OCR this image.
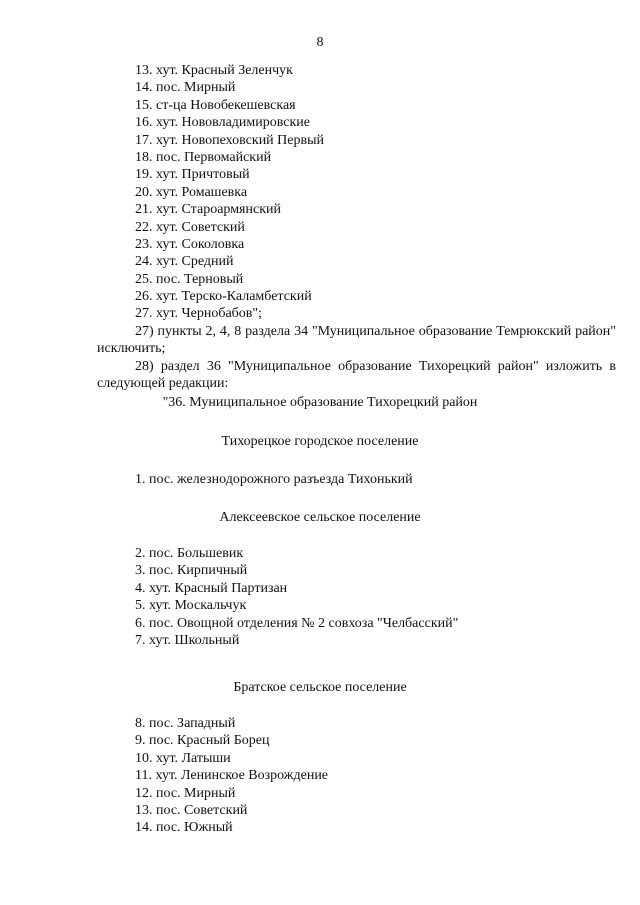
8
13. хут. Красный Зеленчук
14. пос. Мирный
15. ст-ца Новобекешевская
16. хут. Нововладимировские
17. хут. Новопеховский Первый
18. пос. Первомайский
19. хут. Причтовый
20. хут. Ромашевка
21. хут. Староармянский
22. хут. Советский
23. хут. Соколовка
24. хут. Средний
25. пос. Терновый
26. хут. Терско-Каламбетский
27. хут. Чернобабов";
27) пункты 2, 4, 8 раздела 34 "Муниципальное образование Темрюкский район" исключить;
28) раздел 36 "Муниципальное образование Тихорецкий район" изложить в следующей редакции:
"36. Муниципальное образование Тихорецкий район
Тихорецкое городское поселение
1. пос. железнодорожного разъезда Тихонький
Алексеевское сельское поселение
2. пос. Большевик
3. пос. Кирпичный
4. хут. Красный Партизан
5. хут. Москальчук
6. пос. Овощной отделения № 2 совхоза "Челбасский"
7. хут. Школьный
Братское сельское поселение
8. пос. Западный
9. пос. Красный Борец
10. хут. Латыши
11. хут. Ленинское Возрождение
12. пос. Мирный
13. пос. Советский
14. пос. Южный
